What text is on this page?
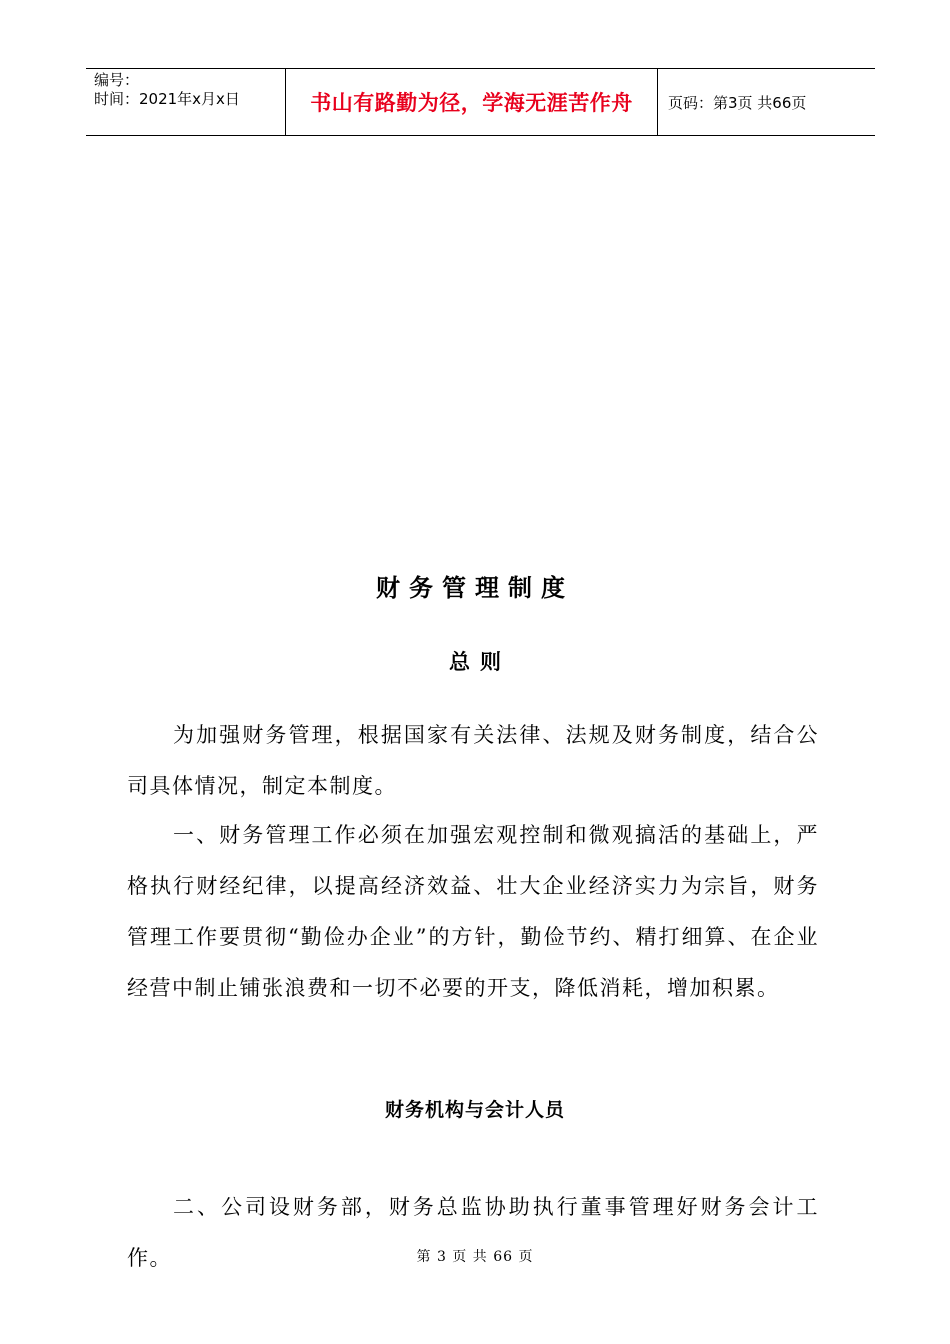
编号：
时间：2021年x月x日	书山有路勤为径，学海无涯苦作舟 页码：第3页 共66页
财务管理制度
总则
为加强财务管理，根据国家有关法律、法规及财务制度，结合公司具体情况，制定本制度。
一、财务管理工作必须在加强宏观控制和微观搞活的基础上，严格执行财经纪律，以提高经济效益、壮大企业经济实力为宗旨，财务管理工作要贯彻“勤俭办企业”的方针，勤俭节约、精打细算、在企业经营中制止铺张浪费和一切不必要的开支，降低消耗，增加积累。
财务机构与会计人员
二、公司设财务部，财务总监协助执行董事管理好财务会计工作。	第 3 页 共 66 页
